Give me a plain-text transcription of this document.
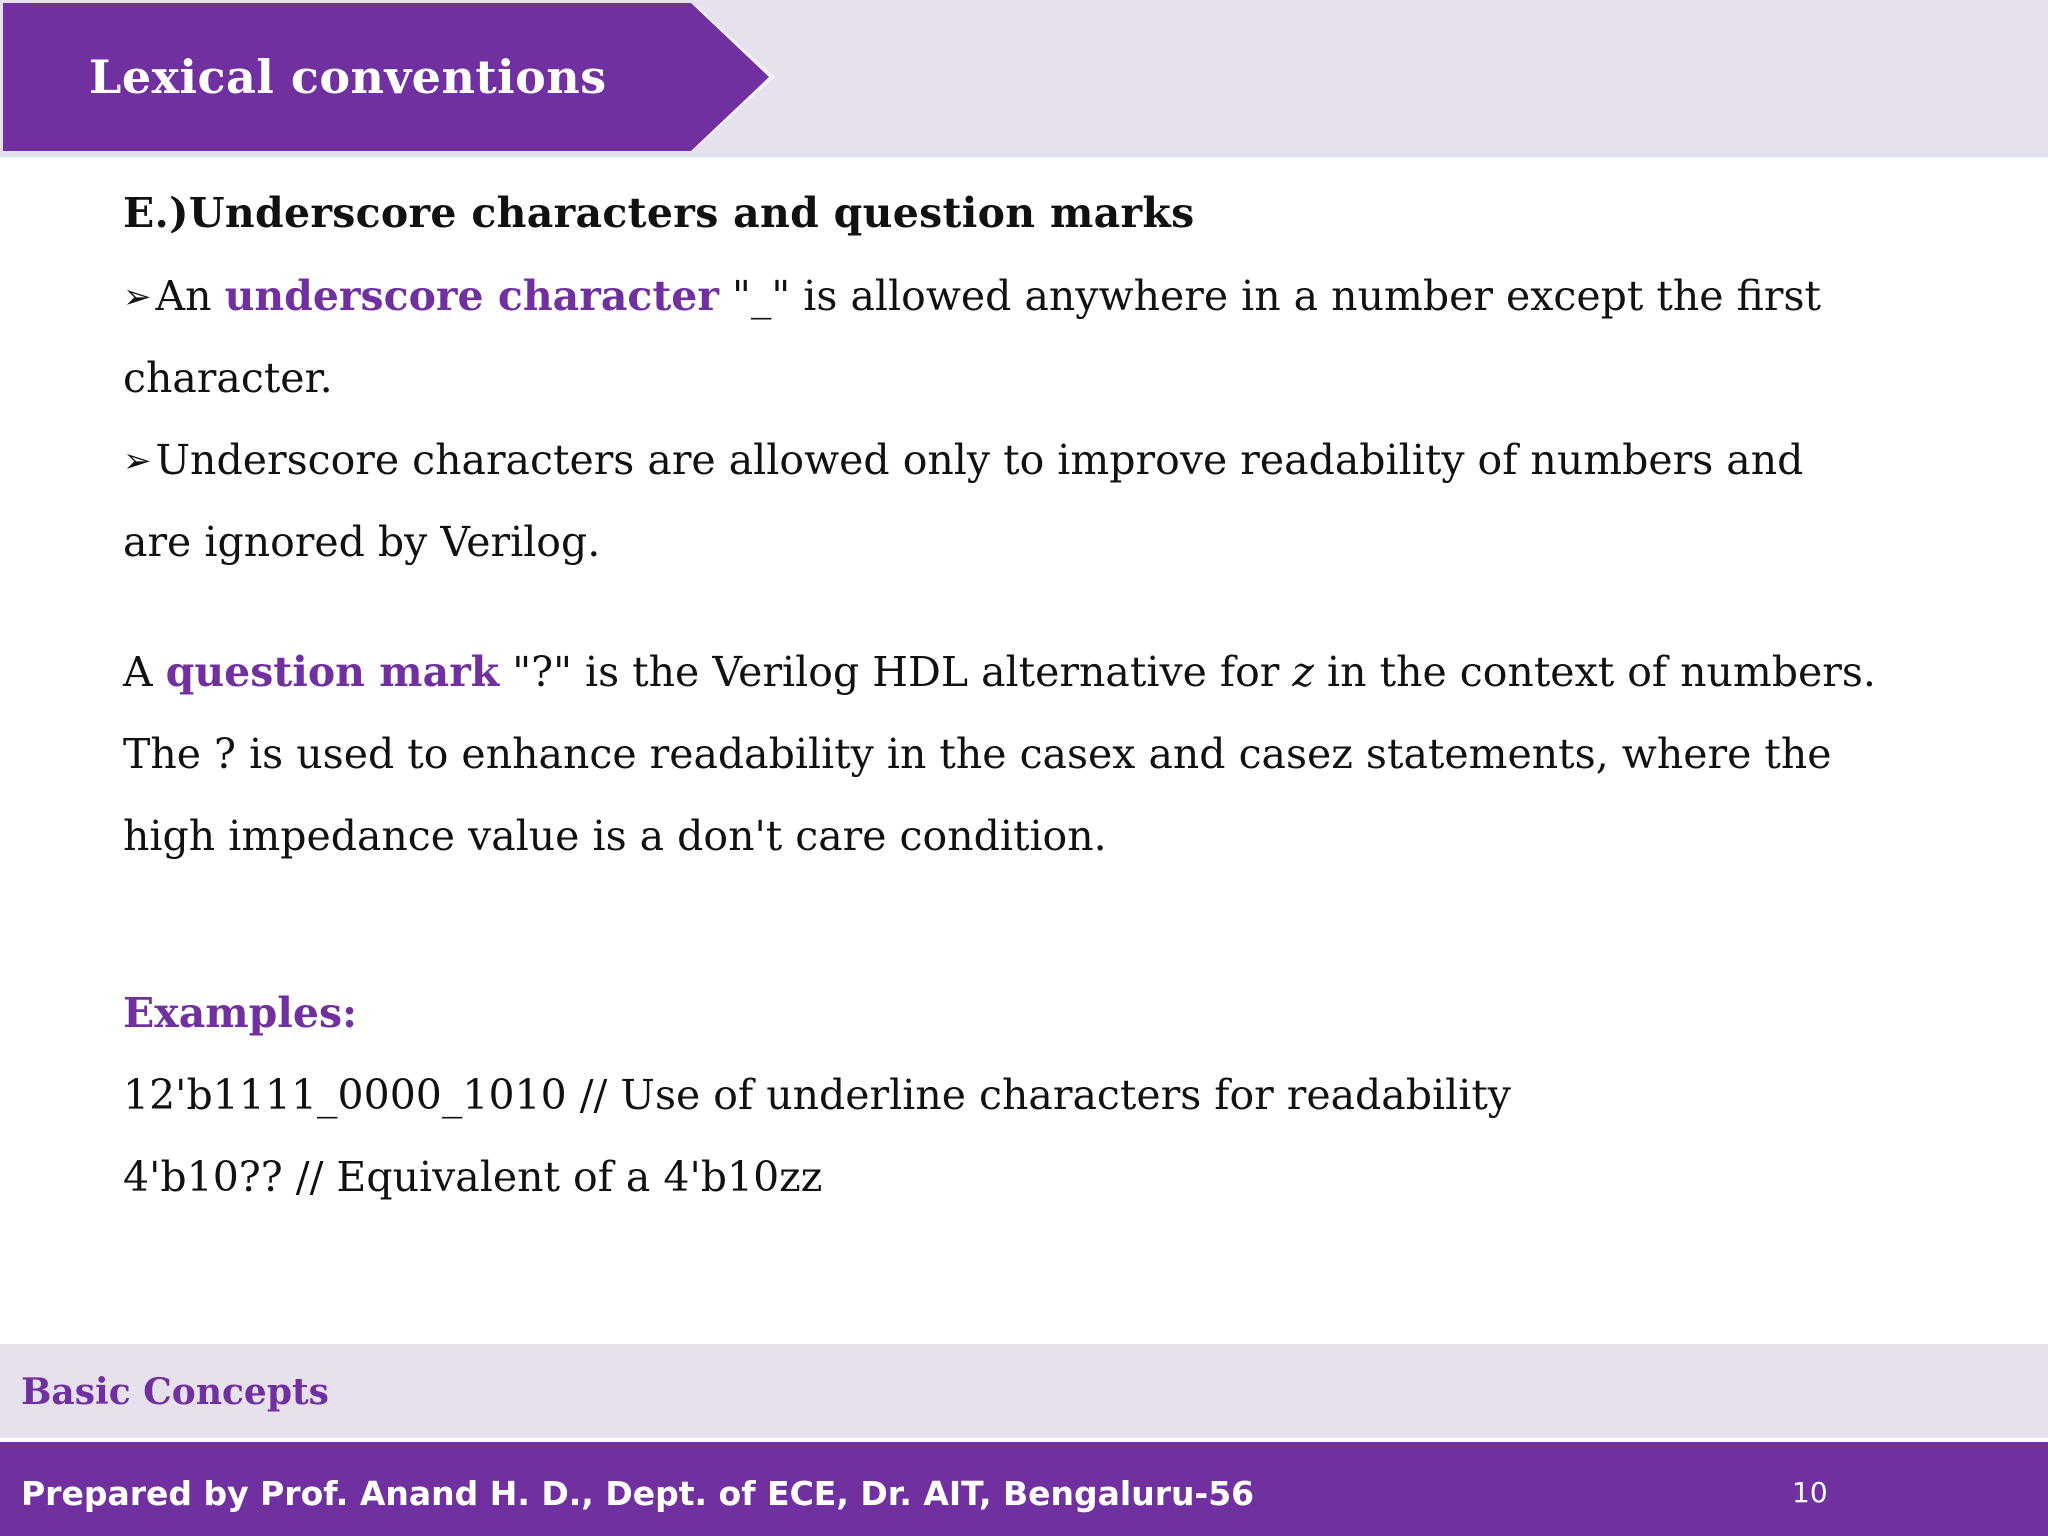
Lexical conventions
E.)Underscore characters and question marks
➢An underscore character "_" is allowed anywhere in a number except the first
character.
➢Underscore characters are allowed only to improve readability of numbers and
are ignored by Verilog.
A question mark "?" is the Verilog HDL alternative for z in the context of numbers.
The ? is used to enhance readability in the casex and casez statements, where the
high impedance value is a don't care condition.
Examples:
12'b1111_0000_1010 // Use of underline characters for readability
4'b10?? // Equivalent of a 4'b10zz
Basic Concepts
Prepared by Prof. Anand H. D., Dept. of ECE, Dr. AIT, Bengaluru-56	10
